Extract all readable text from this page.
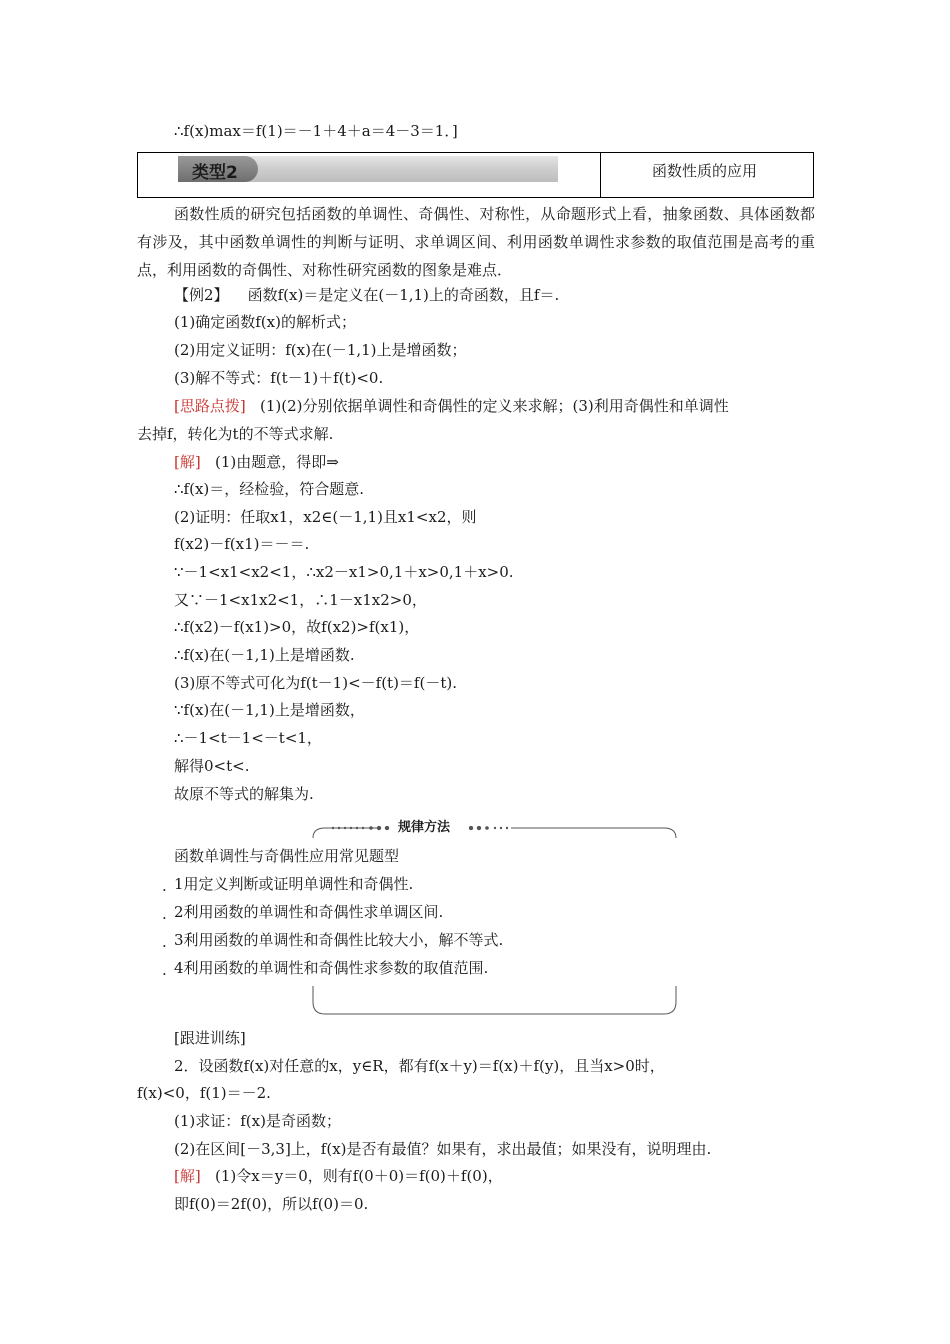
∴f(x)max＝f(1)＝－1＋4＋a＝4－3＝1．]
类型2	函数性质的应用
函数性质的研究包括函数的单调性、奇偶性、对称性，从命题形式上看，抽象函数、具体函数都有涉及，其中函数单调性的判断与证明、求单调区间、利用函数单调性求参数的取值范围是高考的重点，利用函数的奇偶性、对称性研究函数的图象是难点．
【例2】 函数f(x)＝是定义在(－1,1)上的奇函数，且f＝.
(1)确定函数f(x)的解析式；
(2)用定义证明：f(x)在(－1,1)上是增函数；
(3)解不等式：f(t－1)＋f(t)<0.
[思路点拨] (1)(2)分别依据单调性和奇偶性的定义来求解；(3)利用奇偶性和单调性
去掉f，转化为t的不等式求解.
[解] (1)由题意，得即⇒
∴f(x)＝，经检验，符合题意.
(2)证明：任取x1，x2∈(－1,1)且x1<x2，则
f(x2)－f(x1)＝－＝.
∵－1<x1<x2<1，∴x2－x1>0,1＋x>0,1＋x>0.
又∵－1<x1x2<1，∴1－x1x2>0，
∴f(x2)－f(x1)>0，故f(x2)>f(x1)，
∴f(x)在(－1,1)上是增函数.
(3)原不等式可化为f(t－1)<－f(t)＝f(－t).
∵f(x)在(－1,1)上是增函数，
∴－1<t－1<－t<1，
解得0<t<.
故原不等式的解集为.
规律方法
函数单调性与奇偶性应用常见题型
. 1用定义判断或证明单调性和奇偶性.
. 2利用函数的单调性和奇偶性求单调区间.
. 3利用函数的单调性和奇偶性比较大小，解不等式.
. 4利用函数的单调性和奇偶性求参数的取值范围.
[跟进训练]
2．设函数f(x)对任意的x，y∈R，都有f(x＋y)＝f(x)＋f(y)，且当x>0时，
f(x)<0，f(1)＝－2.
(1)求证：f(x)是奇函数；
(2)在区间[－3,3]上，f(x)是否有最值？如果有，求出最值；如果没有，说明理由.
[解] (1)令x＝y＝0，则有f(0＋0)＝f(0)＋f(0)，
即f(0)＝2f(0)，所以f(0)＝0.
